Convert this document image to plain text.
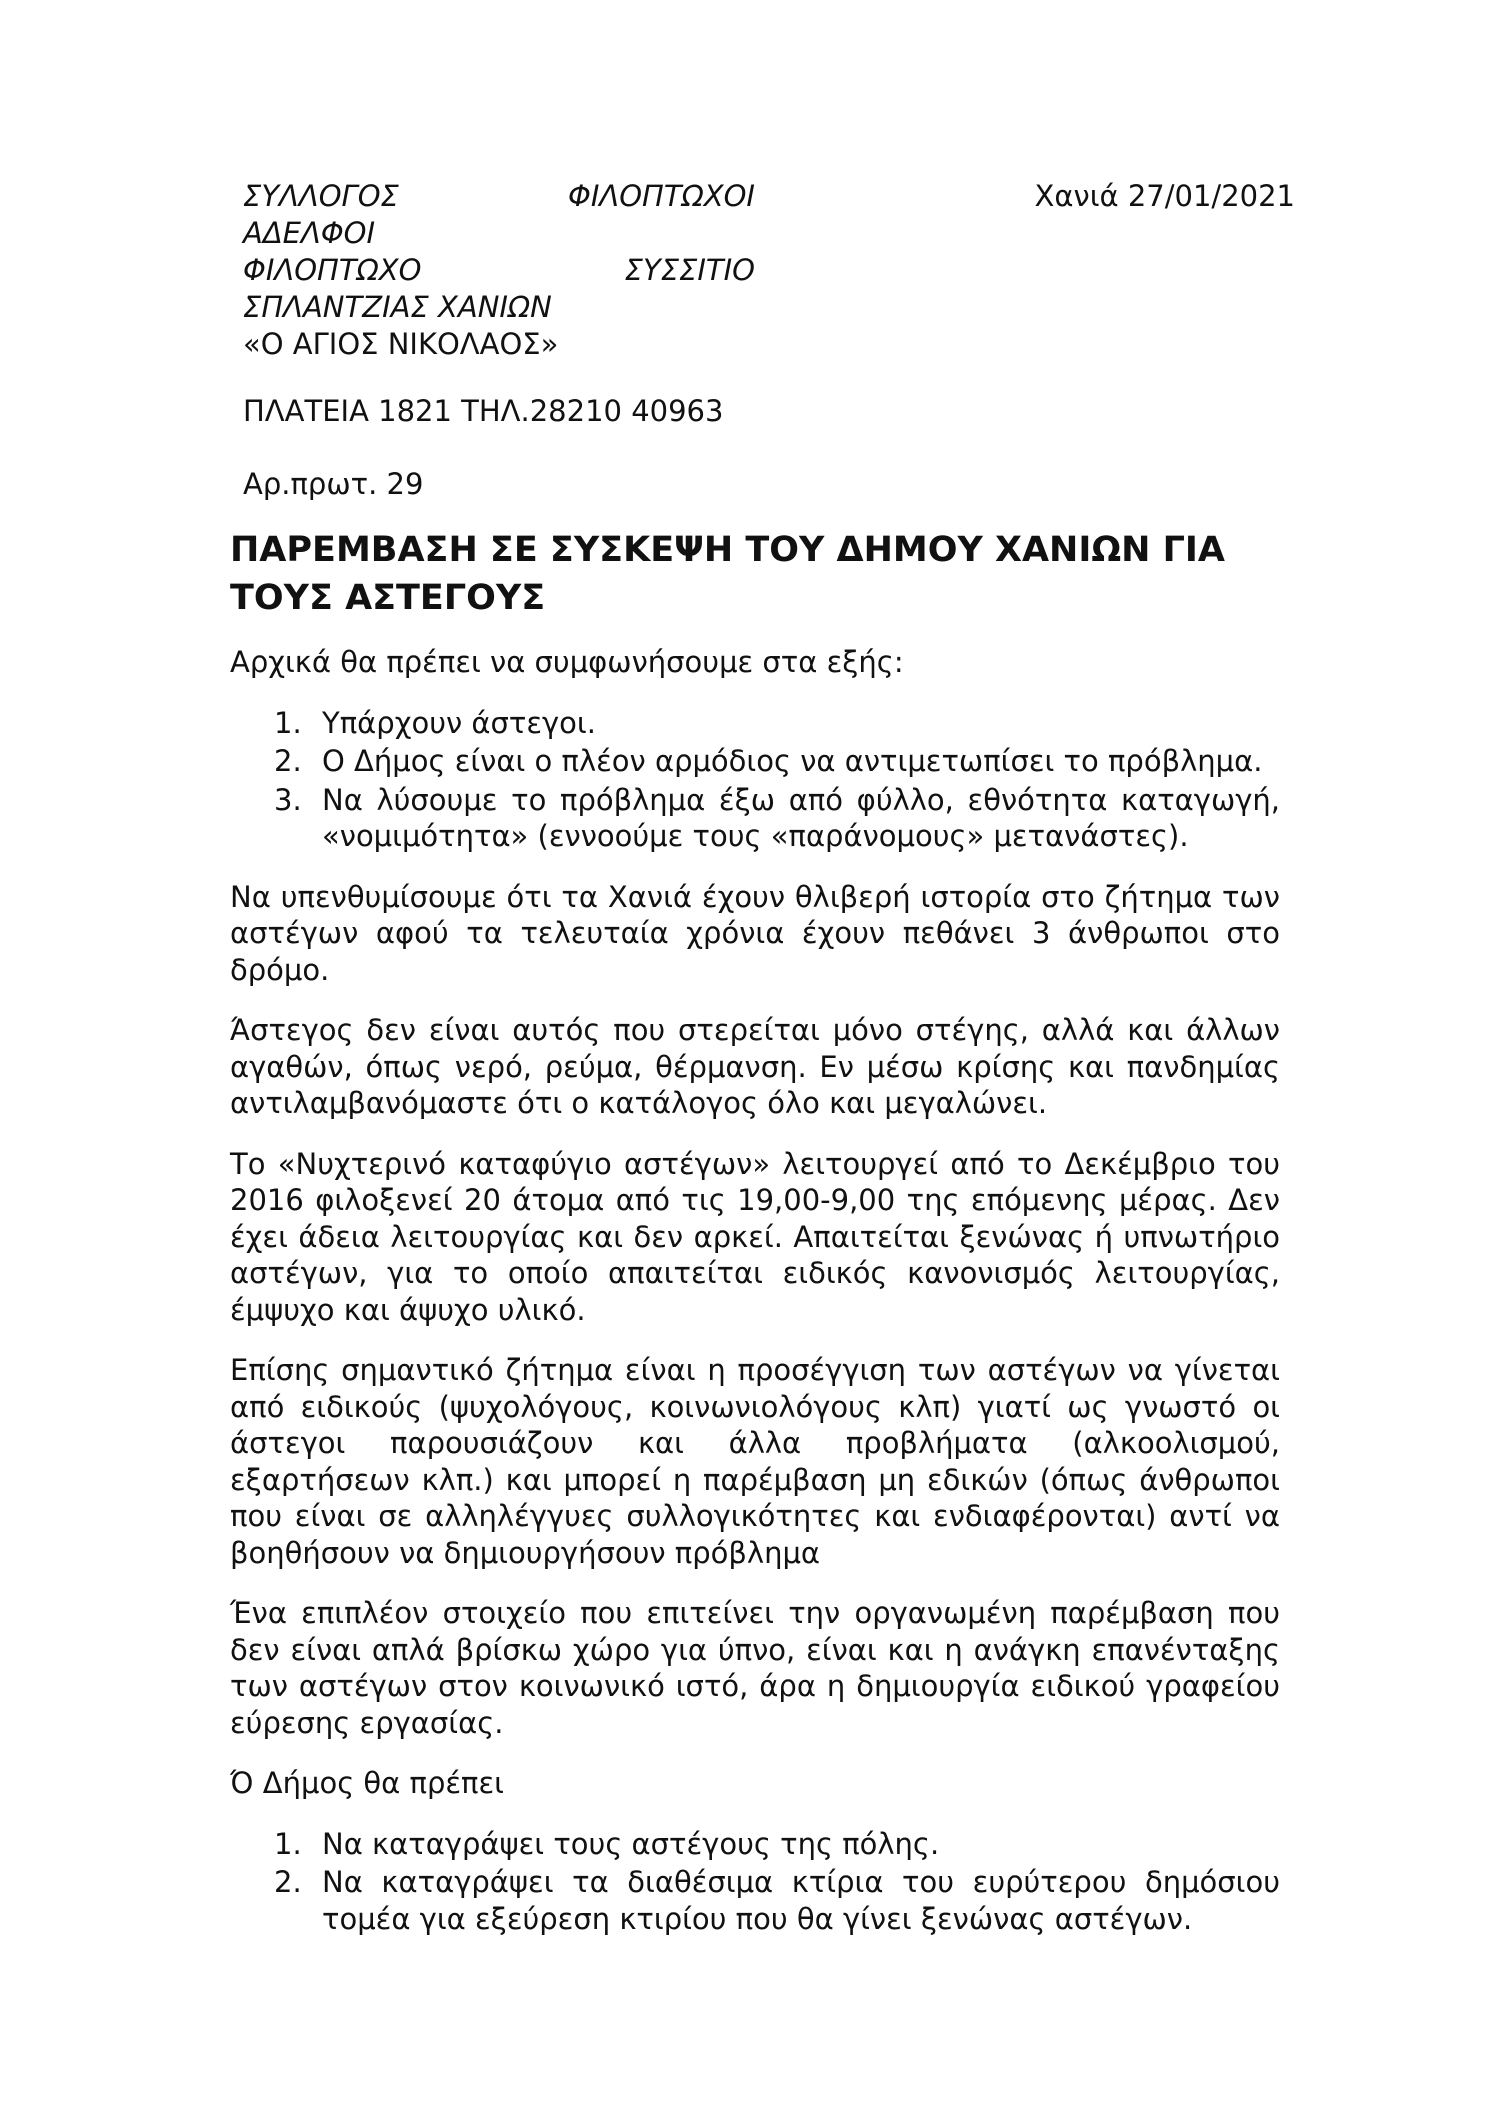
ΣΥΛΛΟΓΟΣ	ΦΙΛΟΠΤΩΧΟΙ
ΑΔΕΛΦΟΙ
ΦΙΛΟΠΤΩΧΟ	ΣΥΣΣΙΤΙΟ
ΣΠΛΑΝΤΖΙΑΣ ΧΑΝΙΩΝ
«Ο ΑΓΙΟΣ ΝΙΚΟΛΑΟΣ»
Χανιά 27/01/2021
ΠΛΑΤΕΙΑ 1821 ΤΗΛ.28210 40963
Αρ.πρωτ. 29
ΠΑΡΕΜΒΑΣΗ ΣΕ ΣΥΣΚΕΨΗ ΤΟΥ ΔΗΜΟΥ ΧΑΝΙΩΝ ΓΙΑ ΤΟΥΣ ΑΣΤΕΓΟΥΣ

Αρχικά θα πρέπει να συμφωνήσουμε στα εξής:

1. Υπάρχουν άστεγοι.
2. Ο Δήμος είναι ο πλέον αρμόδιος να αντιμετωπίσει το πρόβλημα.
3. Να λύσουμε το πρόβλημα έξω από φύλλο, εθνότητα καταγωγή, «νομιμότητα» (εννοούμε τους «παράνομους» μετανάστες).

Να υπενθυμίσουμε ότι τα Χανιά έχουν θλιβερή ιστορία στο ζήτημα των αστέγων αφού τα τελευταία χρόνια έχουν πεθάνει 3 άνθρωποι στο δρόμο.

Άστεγος δεν είναι αυτός που στερείται μόνο στέγης, αλλά και άλλων αγαθών, όπως νερό, ρεύμα, θέρμανση. Εν μέσω κρίσης και πανδημίας αντιλαμβανόμαστε ότι ο κατάλογος όλο και μεγαλώνει.

Το «Νυχτερινό καταφύγιο αστέγων» λειτουργεί από το Δεκέμβριο του 2016 φιλοξενεί 20 άτομα από τις 19,00-9,00 της επόμενης μέρας. Δεν έχει άδεια λειτουργίας και δεν αρκεί. Απαιτείται ξενώνας ή υπνωτήριο αστέγων, για το οποίο απαιτείται ειδικός κανονισμός λειτουργίας, έμψυχο και άψυχο υλικό.

Επίσης σημαντικό ζήτημα είναι η προσέγγιση των αστέγων να γίνεται από ειδικούς (ψυχολόγους, κοινωνιολόγους κλπ) γιατί ως γνωστό οι άστεγοι παρουσιάζουν και άλλα προβλήματα (αλκοολισμού, εξαρτήσεων κλπ.) και μπορεί η παρέμβαση μη εδικών (όπως άνθρωποι που είναι σε αλληλέγγυες συλλογικότητες και ενδιαφέρονται) αντί να βοηθήσουν να δημιουργήσουν πρόβλημα

Ένα επιπλέον στοιχείο που επιτείνει την οργανωμένη παρέμβαση που δεν είναι απλά βρίσκω χώρο για ύπνο, είναι και η ανάγκη επανένταξης των αστέγων στον κοινωνικό ιστό, άρα η δημιουργία ειδικού γραφείου εύρεσης εργασίας.

Ό Δήμος θα πρέπει

1. Να καταγράψει τους αστέγους της πόλης.
2. Να καταγράψει τα διαθέσιμα κτίρια του ευρύτερου δημόσιου τομέα για εξεύρεση κτιρίου που θα γίνει ξενώνας αστέγων.
